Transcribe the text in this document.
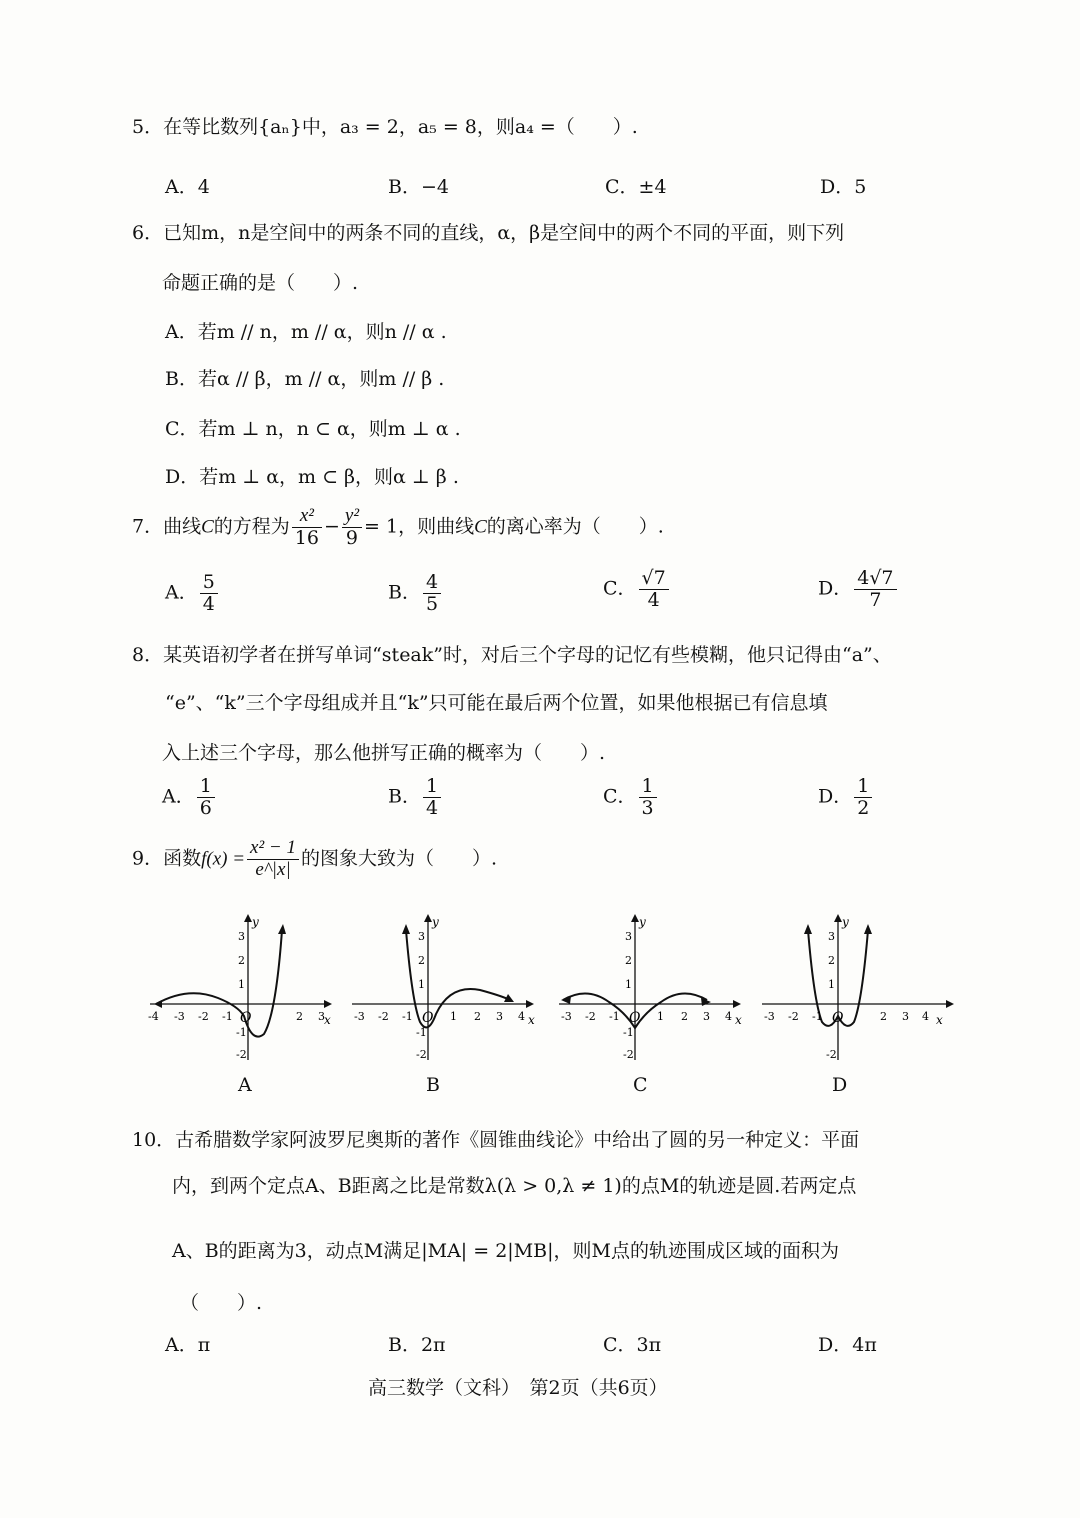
5．在等比数列{aₙ}中，a₃ = 2，a₅ = 8，则a₄ =（　　）.
A．4	B．−4	C．±4	D．5
6．已知m，n是空间中的两条不同的直线，α，β是空间中的两个不同的平面，则下列
命题正确的是（　　）.
A．若m // n，m // α，则n // α .
B．若α // β，m // α，则m // β .
C．若m ⊥ n，n ⊂ α，则m ⊥ α .
D．若m ⊥ α，m ⊂ β，则α ⊥ β .
7．曲线C的方程为 $\frac{\text{x²}}{16} - \frac{\text{y²}}{9} = 1$，则曲线C的离心率为（　　）.
A． $\frac{5}{4}$	B． $\frac{4}{5}$	C． $\frac{√7}{4}$	D． $\frac{4√7}{7}$
8．某英语初学者在拼写单词“steak”时，对后三个字母的记忆有些模糊，他只记得由“a”、
“e”、“k”三个字母组成并且“k”只可能在最后两个位置，如果他根据已有信息填
入上述三个字母，那么他拼写正确的概率为（　　）.
A． $\frac{1}{6}$	B． $\frac{1}{4}$	C． $\frac{1}{3}$	D． $\frac{1}{2}$
9．函数$f(x) = \frac{\text{x² − 1}}{e\^{}|x|}$ 的图象大致为（　　）.
-4 -3 -2 -1 O	2 3 x
y
3
2
1
-1
-2
-3 -2 -1 O 1 2 3 4 x
y
3
2
1
-1
-2
-3 -2 -1 O 1 2 3 4 x
y
3
2
1
-1
-2
-3 -2 -1 O	2 3 4 x
y
3
2
1
-2
A	B	C	D
10．古希腊数学家阿波罗尼奥斯的著作《圆锥曲线论》中给出了圆的另一种定义：平面
内，到两个定点A、B距离之比是常数λ(λ > 0,λ ≠ 1)的点M的轨迹是圆.若两定点
A、B的距离为3，动点M满足|MA| = 2|MB|，则M点的轨迹围成区域的面积为
（　　）.
A．π	B．2π	C．3π	D．4π
高三数学（文科）　第2页（共6页）
